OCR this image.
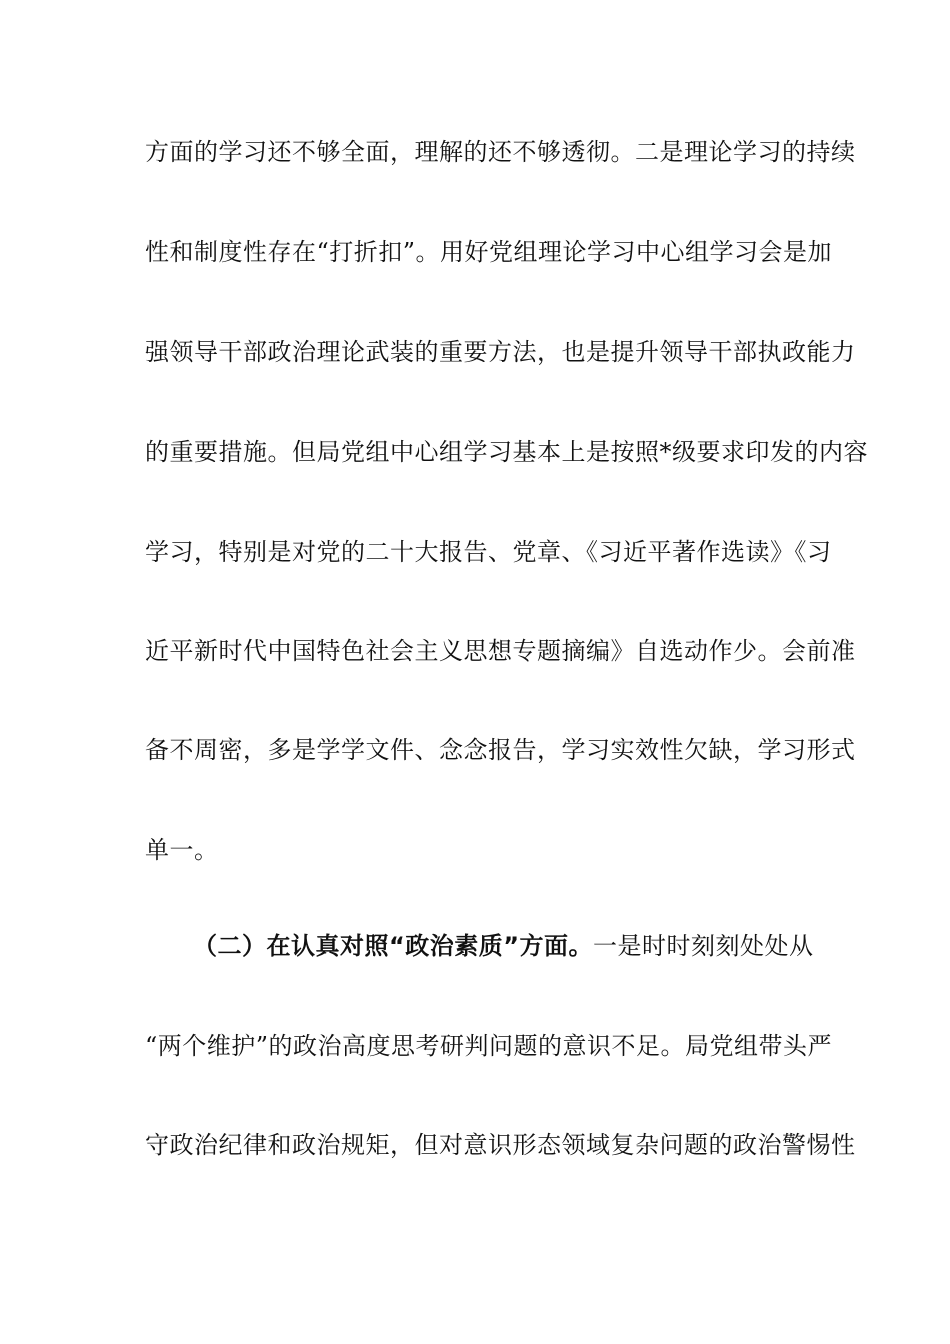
方面的学习还不够全面，理解的还不够透彻。二是理论学习的持续
性和制度性存在“打折扣”。用好党组理论学习中心组学习会是加
强领导干部政治理论武装的重要方法，也是提升领导干部执政能力
的重要措施。但局党组中心组学习基本上是按照*级要求印发的内容
学习，特别是对党的二十大报告、党章、《习近平著作选读》《习
近平新时代中国特色社会主义思想专题摘编》自选动作少。会前准
备不周密，多是学学文件、念念报告，学习实效性欠缺，学习形式
单一。
（二）在认真对照“政治素质”方面。一是时时刻刻处处从
“两个维护”的政治高度思考研判问题的意识不足。局党组带头严
守政治纪律和政治规矩，但对意识形态领域复杂问题的政治警惕性
